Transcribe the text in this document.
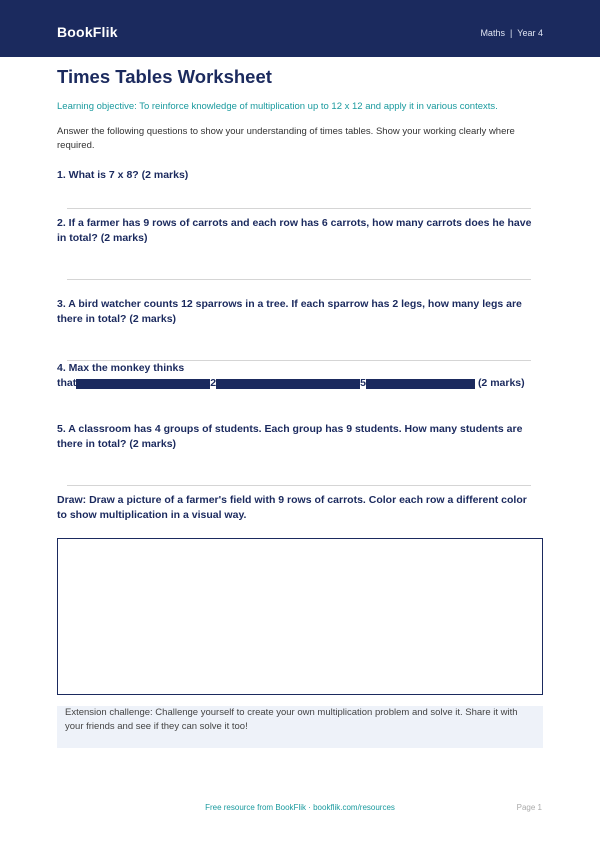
BookFlik	Maths | Year 4
Times Tables Worksheet
Learning objective: To reinforce knowledge of multiplication up to 12 x 12 and apply it in various contexts.
Answer the following questions to show your understanding of times tables. Show your working clearly where required.
1. What is 7 x 8? (2 marks)
2. If a farmer has 9 rows of carrots and each row has 6 carrots, how many carrots does he have in total? (2 marks)
3. A bird watcher counts 12 sparrows in a tree. If each sparrow has 2 legs, how many legs are there in total? (2 marks)
4. Max the monkey thinks
that	2	5	(2 marks)
5. A classroom has 4 groups of students. Each group has 9 students. How many students are there in total? (2 marks)
Draw: Draw a picture of a farmer's field with 9 rows of carrots. Color each row a different color to show multiplication in a visual way.
Extension challenge: Challenge yourself to create your own multiplication problem and solve it. Share it with your friends and see if they can solve it too!
Free resource from BookFlik · bookflik.com/resources	Page 1
